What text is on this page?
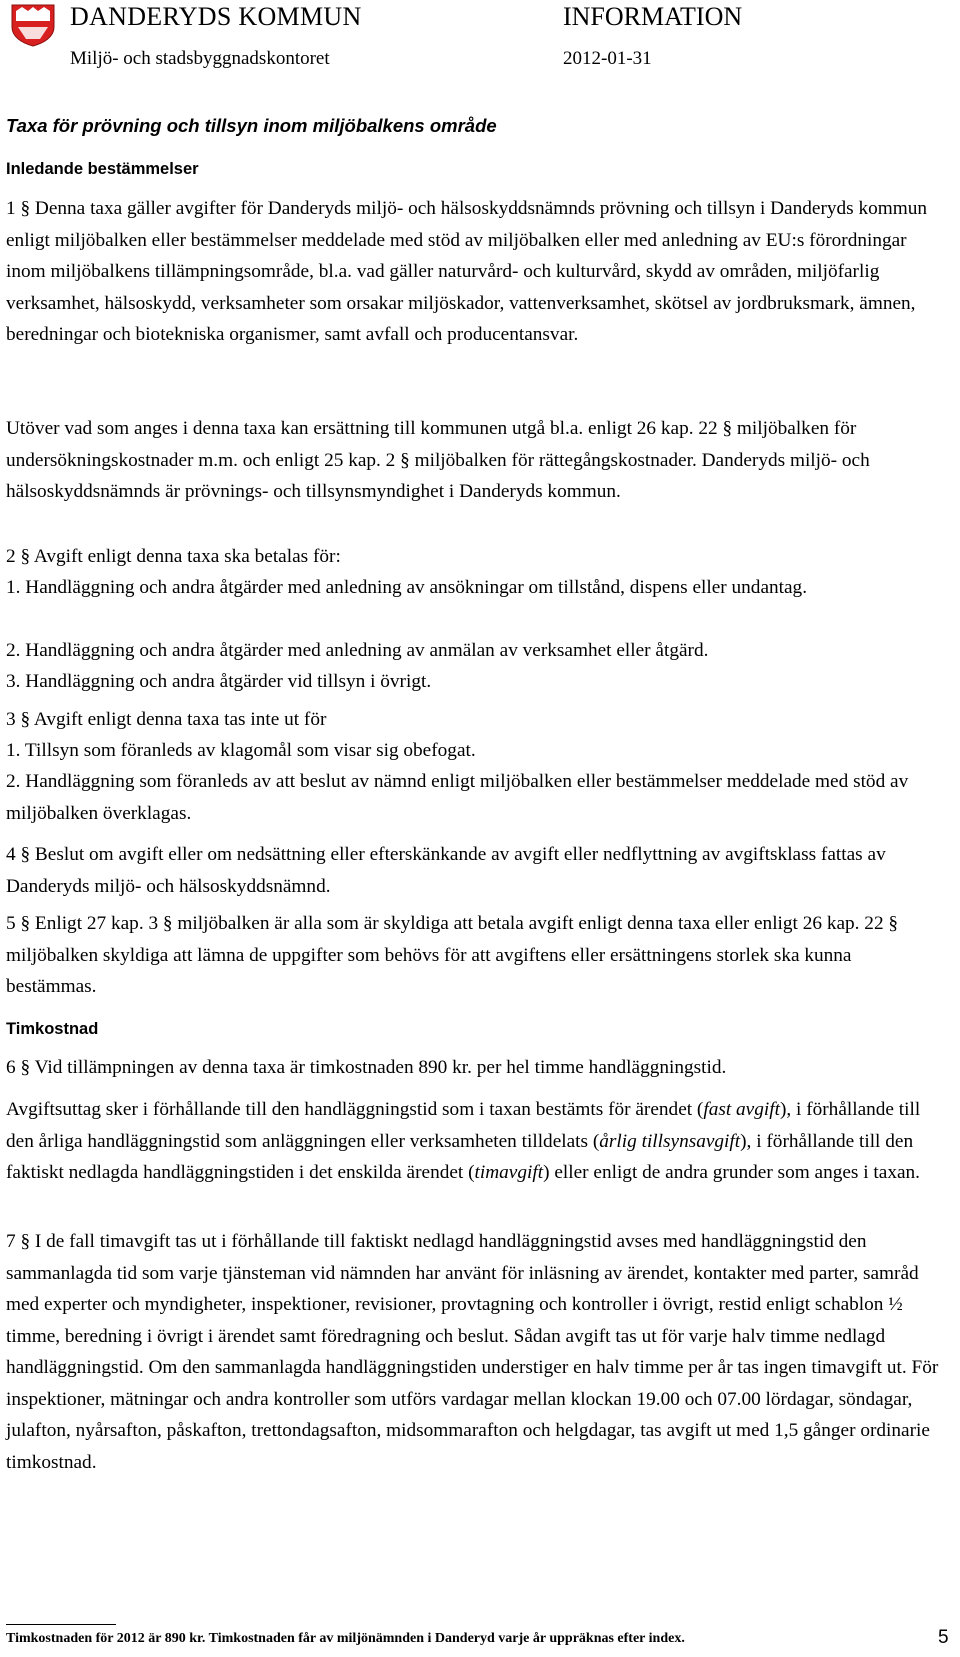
DANDERYDS KOMMUN	INFORMATION
Miljö- och stadsbyggnadskontoret	2012-01-31
Taxa för prövning och tillsyn inom miljöbalkens område
Inledande bestämmelser
1 § Denna taxa gäller avgifter för Danderyds miljö- och hälsoskyddsnämnds prövning och tillsyn i Danderyds kommun enligt miljöbalken eller bestämmelser meddelade med stöd av miljöbalken eller med anledning av EU:s förordningar inom miljöbalkens tillämpningsområde, bl.a. vad gäller naturvård- och kulturvård, skydd av områden, miljöfarlig verksamhet, hälsoskydd, verksamheter som orsakar miljöskador, vattenverksamhet, skötsel av jordbruksmark, ämnen, beredningar och biotekniska organismer, samt avfall och producentansvar.
Utöver vad som anges i denna taxa kan ersättning till kommunen utgå bl.a. enligt 26 kap. 22 § miljöbalken för undersökningskostnader m.m. och enligt 25 kap. 2 § miljöbalken för rättegångskostnader. Danderyds miljö- och hälsoskyddsnämnds är prövnings- och tillsynsmyndighet i Danderyds kommun.
2 § Avgift enligt denna taxa ska betalas för:
1. Handläggning och andra åtgärder med anledning av ansökningar om tillstånd, dispens eller undantag.
2. Handläggning och andra åtgärder med anledning av anmälan av verksamhet eller åtgärd.
3. Handläggning och andra åtgärder vid tillsyn i övrigt.
3 § Avgift enligt denna taxa tas inte ut för
1. Tillsyn som föranleds av klagomål som visar sig obefogat.
2. Handläggning som föranleds av att beslut av nämnd enligt miljöbalken eller bestämmelser meddelade med stöd av miljöbalken överklagas.
4 § Beslut om avgift eller om nedsättning eller efterskänkande av avgift eller nedflyttning av avgiftsklass fattas av Danderyds miljö- och hälsoskyddsnämnd.
5 § Enligt 27 kap. 3 § miljöbalken är alla som är skyldiga att betala avgift enligt denna taxa eller enligt 26 kap. 22 § miljöbalken skyldiga att lämna de uppgifter som behövs för att avgiftens eller ersättningens storlek ska kunna bestämmas.
Timkostnad
6 § Vid tillämpningen av denna taxa är timkostnaden 890 kr. per hel timme handläggningstid.
Avgiftsuttag sker i förhållande till den handläggningstid som i taxan bestämts för ärendet (fast avgift), i förhållande till den årliga handläggningstid som anläggningen eller verksamheten tilldelats (årlig tillsynsavgift), i förhållande till den faktiskt nedlagda handläggningstiden i det enskilda ärendet (timavgift) eller enligt de andra grunder som anges i taxan.
7 § I de fall timavgift tas ut i förhållande till faktiskt nedlagd handläggningstid avses med handläggningstid den sammanlagda tid som varje tjänsteman vid nämnden har använt för inläsning av ärendet, kontakter med parter, samråd med experter och myndigheter, inspektioner, revisioner, provtagning och kontroller i övrigt, restid enligt schablon ½ timme, beredning i övrigt i ärendet samt föredragning och beslut. Sådan avgift tas ut för varje halv timme nedlagd handläggningstid. Om den sammanlagda handläggningstiden understiger en halv timme per år tas ingen timavgift ut. För inspektioner, mätningar och andra kontroller som utförs vardagar mellan klockan 19.00 och 07.00 lördagar, söndagar, julafton, nyårsafton, påskafton, trettondagsafton, midsommarafton och helgdagar, tas avgift ut med 1,5 gånger ordinarie timkostnad.
Timkostnaden för 2012 är 890 kr. Timkostnaden får av miljönämnden i Danderyd varje år uppräknas efter index.	5
